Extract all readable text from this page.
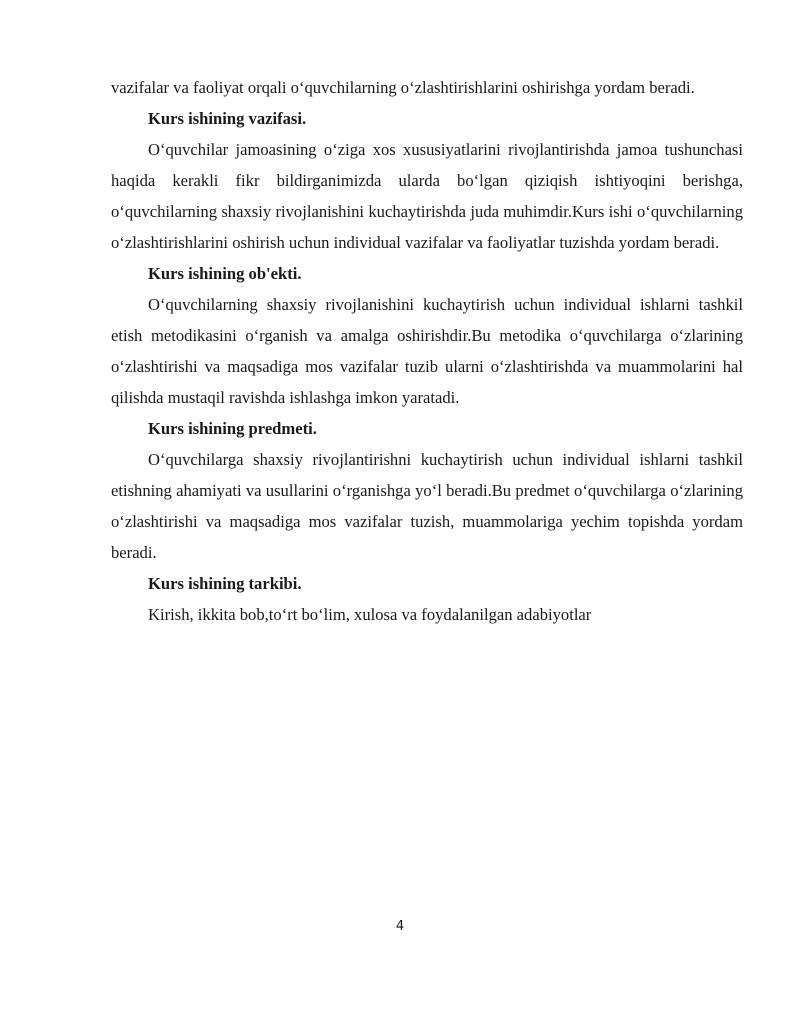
vazifalar va faoliyat orqali o‘quvchilarning o‘zlashtirishlarini oshirishga yordam beradi.

Kurs ishining vazifasi.

O‘quvchilar jamoasining o‘ziga xos xususiyatlarini rivojlantirishda jamoa tushunchasi haqida kerakli fikr bildirganimizda ularda bo‘lgan qiziqish ishtiyoqini berishga, o‘quvchilarning shaxsiy rivojlanishini kuchaytirishda juda muhimdir.Kurs ishi o‘quvchilarning o‘zlashtirishlarini oshirish uchun individual vazifalar va faoliyatlar tuzishda yordam beradi.

Kurs ishining ob'ekti.

O‘quvchilarning shaxsiy rivojlanishini kuchaytirish uchun individual ishlarni tashkil etish metodikasini o‘rganish va amalga oshirishdir.Bu metodika o‘quvchilarga o‘zlarining o‘zlashtirishi va maqsadiga mos vazifalar tuzib ularni o‘zlashtirishda va muammolarini hal qilishda mustaqil ravishda ishlashga imkon yaratadi.

Kurs ishining predmeti.

O‘quvchilarga shaxsiy rivojlantirishni kuchaytirish uchun individual ishlarni tashkil etishning ahamiyati va usullarini o‘rganishga yo‘l beradi.Bu predmet o‘quvchilarga o‘zlarining o‘zlashtirishi va maqsadiga mos vazifalar tuzish, muammolariga yechim topishda yordam beradi.

Kurs ishining tarkibi.

Kirish, ikkita bob,to‘rt bo‘lim, xulosa va foydalanilgan adabiyotlar

4
